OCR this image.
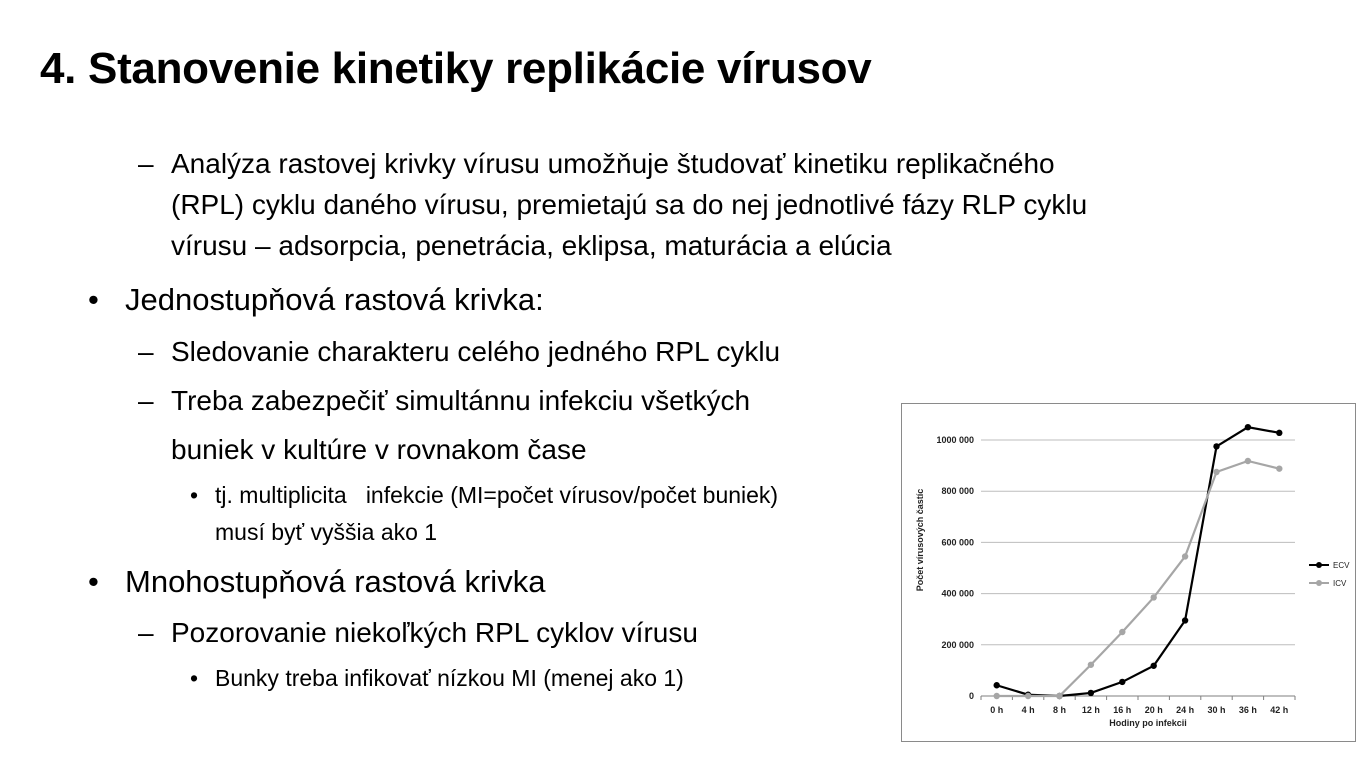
4. Stanovenie kinetiky replikácie vírusov
– Analýza rastovej krivky vírusu umožňuje študovať kinetiku replikačného
(RPL) cyklu daného vírusu, premietajú sa do nej jednotlivé fázy RLP cyklu
vírusu – adsorpcia, penetrácia, eklipsa, maturácia a elúcia
• Jednostupňová rastová krivka:
– Sledovanie charakteru celého jedného RPL cyklu
– Treba zabezpečiť simultánnu infekciu všetkých
buniek v kultúre v rovnakom čase
• tj. multiplicita   infekcie (MI=počet vírusov/počet buniek)
musí byť vyššia ako 1
• Mnohostupňová rastová krivka
– Pozorovanie niekoľkých RPL cyklov vírusu
• Bunky treba infikovať nízkou MI (menej ako 1)
0
200 000
400 000
600 000
800 000
1000 000
0 h 4 h 8 h 12 h 16 h 20 h 24 h 30 h 36 h 42 h
ECV
ICV
Počet vírusových častíc
Hodiny po infekcii
